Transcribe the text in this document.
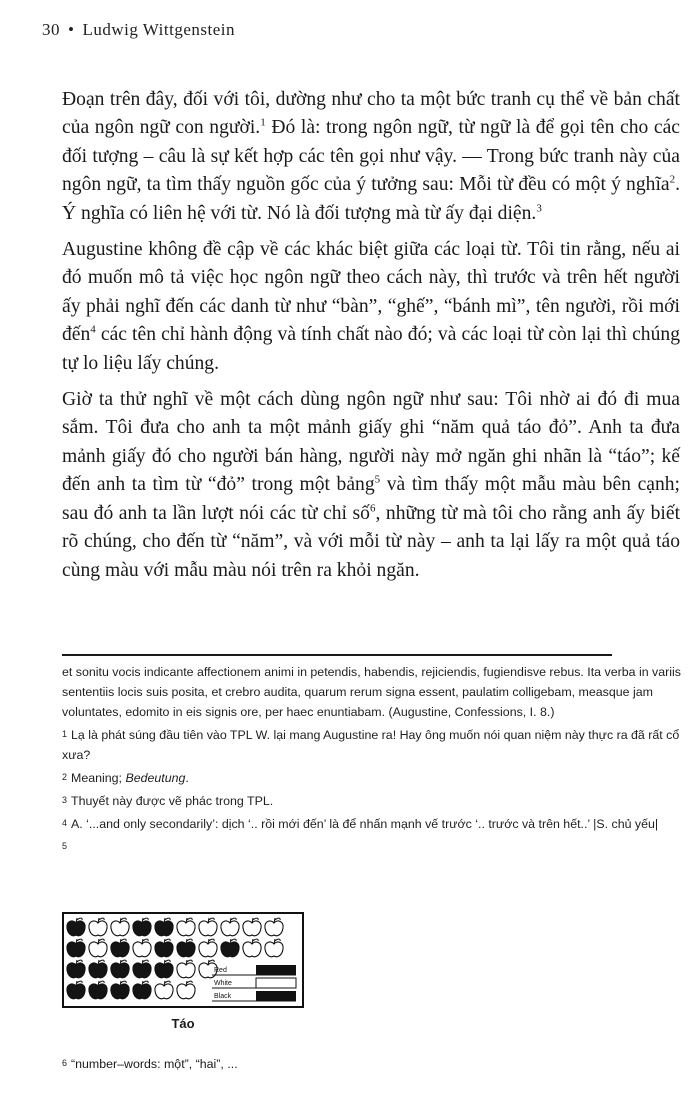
30 • Ludwig Wittgenstein

Đoạn trên đây, đối với tôi, dường như cho ta một bức tranh cụ thể về bản chất của ngôn ngữ con người.$^1$ Đó là: trong ngôn ngữ, từ ngữ là để gọi tên cho các đối tượng – câu là sự kết hợp các tên gọi như vậy. — Trong bức tranh này của ngôn ngữ, ta tìm thấy nguồn gốc của ý tưởng sau: Mỗi từ đều có một ý nghĩa$^2$. Ý nghĩa có liên hệ với từ. Nó là đối tượng mà từ ấy đại diện.$^3$

Augustine không đề cập về các khác biệt giữa các loại từ. Tôi tin rằng, nếu ai đó muốn mô tả việc học ngôn ngữ theo cách này, thì trước và trên hết người ấy phải nghĩ đến các danh từ như “bàn”, “ghế”, “bánh mì”, tên người, rồi mới đến$^4$ các tên chỉ hành động và tính chất nào đó; và các loại từ còn lại thì chúng tự lo liệu lấy chúng.

Giờ ta thử nghĩ về một cách dùng ngôn ngữ như sau: Tôi nhờ ai đó đi mua sắm. Tôi đưa cho anh ta một mảnh giấy ghi “năm quả táo đỏ”. Anh ta đưa mảnh giấy đó cho người bán hàng, người này mở ngăn ghi nhãn là “táo”; kế đến anh ta tìm từ “đỏ” trong một bảng$^5$ và tìm thấy một mẫu màu bên cạnh; sau đó anh ta lần lượt nói các từ chỉ số$^6$, những từ mà tôi cho rằng anh ấy biết rõ chúng, cho đến từ “năm”, và với mỗi từ này – anh ta lại lấy ra một quả táo cùng màu với mẫu màu nói trên ra khỏi ngăn.

et sonitu vocis indicante affectionem animi in petendis, habendis, rejiciendis, fugiendisve rebus. Ita verba in variis sententiis locis suis posita, et crebro audita, quarum rerum signa essent, paulatim colligebam, measque jam voluntates, edomito in eis signis ore, per haec enuntiabam. (Augustine, Confessions, I. 8.)

1 Lạ là phát súng đầu tiên vào TPL W. lại mang Augustine ra! Hay ông muốn nói quan niệm này thực ra đã rất cổ xưa?

2 Meaning; Bedeutung.

3 Thuyết này được vẽ phác trong TPL.

4 A. ‘...and only secondarily’: dịch ‘.. rồi mới đến’ là để nhấn mạnh vế trước ‘.. trước và trên hết..’ |S. chủ yếu|

5

Red
White
Black
Táo
6 “number–words: một”, “hai”, ...
